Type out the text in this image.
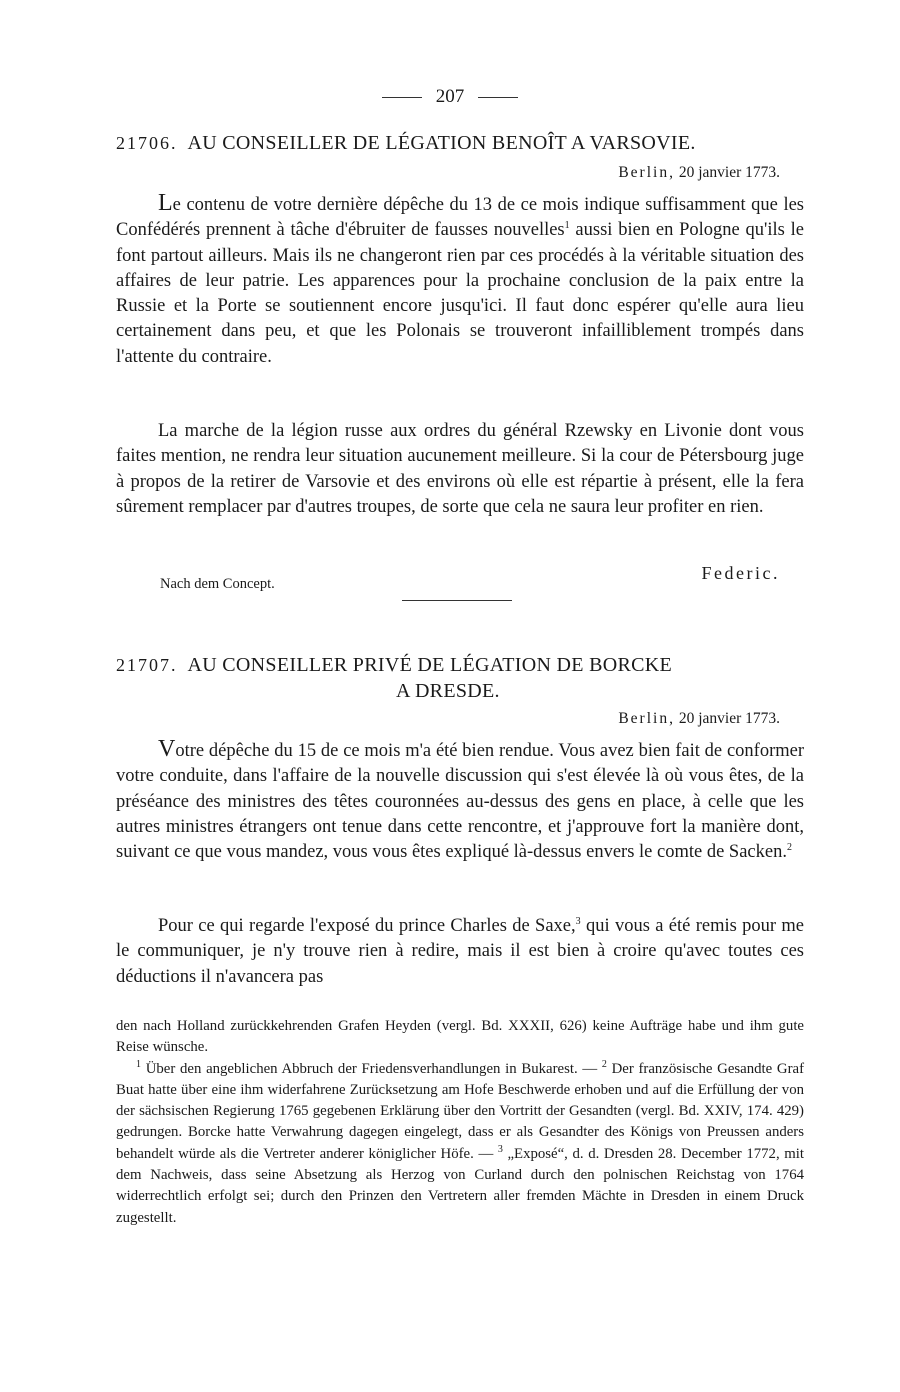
207
21706. AU CONSEILLER DE LÉGATION BENOÎT A VARSOVIE.
Berlin, 20 janvier 1773.

Le contenu de votre dernière dépêche du 13 de ce mois indique suffisamment que les Confédérés prennent à tâche d'ébruiter de fausses nouvelles$^1$ aussi bien en Pologne qu'ils le font partout ailleurs. Mais ils ne changeront rien par ces procédés à la véritable situation des affaires de leur patrie. Les apparences pour la prochaine conclusion de la paix entre la Russie et la Porte se soutiennent encore jusqu'ici. Il faut donc espérer qu'elle aura lieu certainement dans peu, et que les Polonais se trouveront infailliblement trompés dans l'attente du contraire.

La marche de la légion russe aux ordres du général Rzewsky en Livonie dont vous faites mention, ne rendra leur situation aucunement meilleure. Si la cour de Pétersbourg juge à propos de la retirer de Varsovie et des environs où elle est répartie à présent, elle la fera sûrement remplacer par d'autres troupes, de sorte que cela ne saura leur profiter en rien.

Federic.
Nach dem Concept.
21707. AU CONSEILLER PRIVÉ DE LÉGATION DE BORCKE
A DRESDE.
Berlin, 20 janvier 1773.

Votre dépêche du 15 de ce mois m'a été bien rendue. Vous avez bien fait de conformer votre conduite, dans l'affaire de la nouvelle discussion qui s'est élevée là où vous êtes, de la préséance des ministres des têtes couronnées au-dessus des gens en place, à celle que les autres ministres étrangers ont tenue dans cette rencontre, et j'approuve fort la manière dont, suivant ce que vous mandez, vous vous êtes expliqué là-dessus envers le comte de Sacken.$^2$

Pour ce qui regarde l'exposé du prince Charles de Saxe,$^3$ qui vous a été remis pour me le communiquer, je n'y trouve rien à redire, mais il est bien à croire qu'avec toutes ces déductions il n'avancera pas

den nach Holland zurückkehrenden Grafen Heyden (vergl. Bd. XXXII, 626) keine Aufträge habe und ihm gute Reise wünsche.

$^1$ Über den angeblichen Abbruch der Friedensverhandlungen in Bukarest. — $^2$ Der französische Gesandte Graf Buat hatte über eine ihm widerfahrene Zurücksetzung am Hofe Beschwerde erhoben und auf die Erfüllung der von der sächsischen Regierung 1765 gegebenen Erklärung über den Vortritt der Gesandten (vergl. Bd. XXIV, 174. 429) gedrungen. Borcke hatte Verwahrung dagegen eingelegt, dass er als Gesandter des Königs von Preussen anders behandelt würde als die Vertreter anderer königlicher Höfe. — $^3$ „Exposé“, d. d. Dresden 28. December 1772, mit dem Nachweis, dass seine Absetzung als Herzog von Curland durch den polnischen Reichstag von 1764 widerrechtlich erfolgt sei; durch den Prinzen den Vertretern aller fremden Mächte in Dresden in einem Druck zugestellt.
